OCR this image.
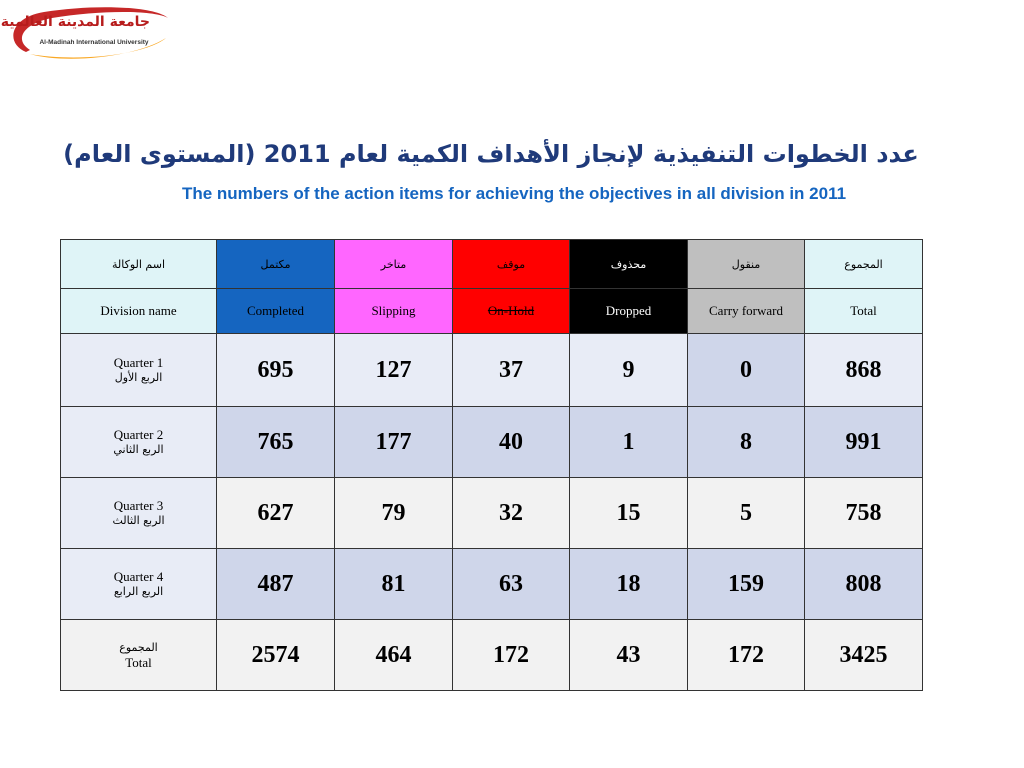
جامعة المدينة العالمية
Al-Madinah International University
عدد الخطوات التنفيذية لإنجاز الأهداف الكمية لعام 2011 (المستوى العام)
The numbers of the action items for achieving the objectives in all division in 2011
اسم الوكالة	مكتمل	متاخر	موقف	محذوف	منقول	المجموع
Division name	Completed	Slipping	On-Hold	Dropped	Carry forward	Total

Quarter 1
الربع الأول	695	127	37	9	0	868

Quarter 2
الربع الثاني	765	177	40	1	8	991

Quarter 3
الربع الثالث	627	79	32	15	5	758

Quarter 4
الربع الرابع	487	81	63	18	159	808

المجموع
Total	2574	464	172	43	172	3425
